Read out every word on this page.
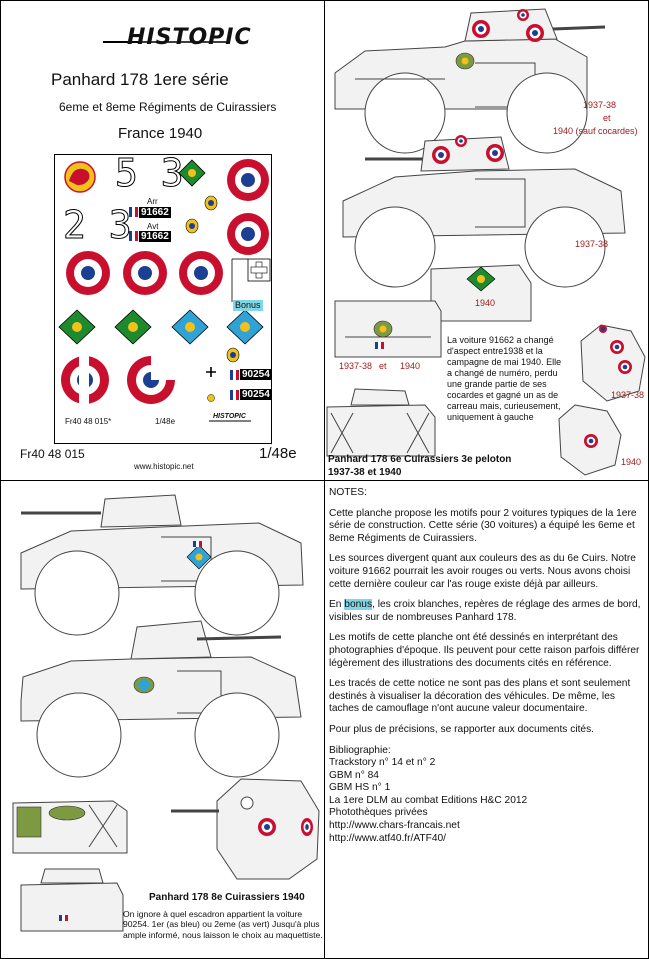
HISTOPIC
Panhard 178 1ere série
6eme et 8eme Régiments de Cuirassiers
France 1940
5 3
2 3
Arr
91662
Avt
91662
Bonus
90254
90254
Fr40 48 015*	1/48e
HISTOPIC
Fr40 48 015
www.histopic.net
1/48e
1937-38
et
1940 (sauf cocardes)
1937-38
1940
1937-38 et 1940
1937-38
1940
La voiture 91662 a changé d'aspect entre1938 et la campagne de mai 1940. Elle a changé de numéro, perdu une grande partie de ses cocardes et gagné un as de carreau mais, curieusement, uniquement à gauche
Panhard 178 6e Cuirassiers 3e peloton
1937-38 et 1940
Panhard 178 8e Cuirassiers 1940
On ignore à quel escadron appartient la voiture 90254. 1er (as bleu) ou 2eme (as vert) Jusqu'à plus ample informé, nous laisson le choix au maquettiste.

NOTES:

Cette planche propose les motifs pour 2 voitures typiques de la 1ere série de construction. Cette série (30 voitures) a équipé les 6eme et 8eme Régiments de Cuirassiers.

Les sources divergent quant aux couleurs des as du 6e Cuirs. Notre voiture 91662 pourrait les avoir rouges ou verts. Nous avons choisi cette dernière couleur car l'as rouge existe déjà par ailleurs.

En bonus, les croix blanches, repères de réglage des armes de bord, visibles sur de nombreuses Panhard 178.

Les motifs de cette planche ont été dessinés en interprétant des photographies d'époque. Ils peuvent pour cette raison parfois différer légèrement des illustrations des documents cités en référence.

Les tracés de cette notice ne sont pas des plans et sont seulement destinés à visualiser la décoration des véhicules. De même, les taches de camouflage n'ont aucune valeur documentaire.

Pour plus de précisions, se rapporter aux documents cités.

Bibliographie:
Trackstory n° 14 et n° 2
GBM n° 84
GBM HS n° 1
La 1ere DLM au combat Editions H&C 2012
Photothèques privées
http://www.chars-francais.net
http://www.atf40.fr/ATF40/
